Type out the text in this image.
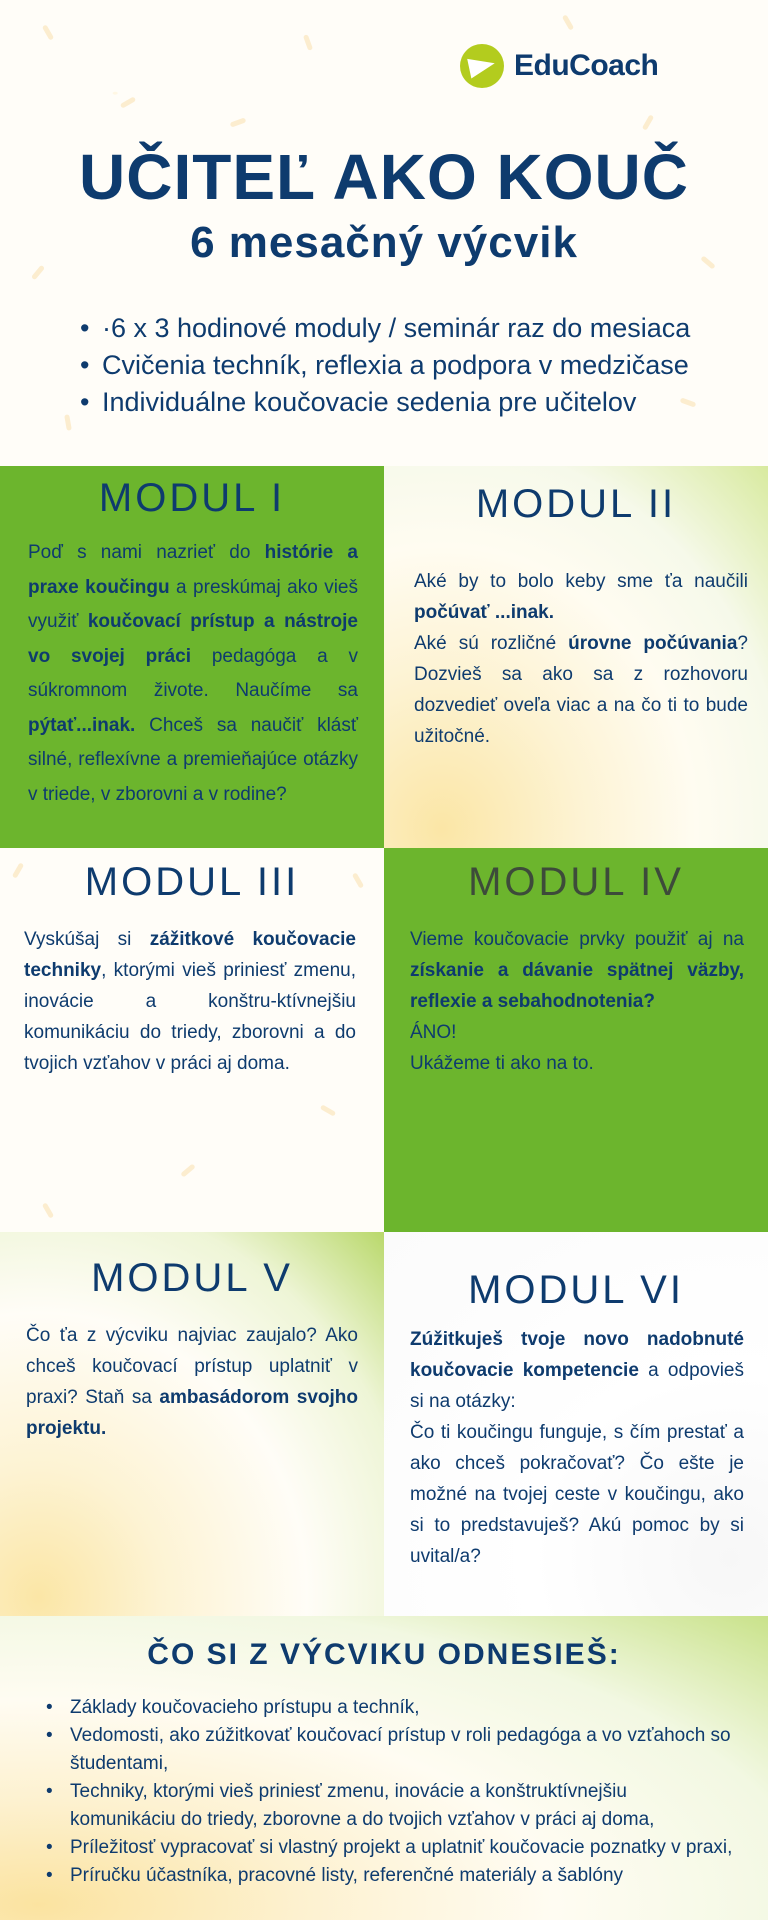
EduCoach
UČITEĽ AKO KOUČ
6 mesačný výcvik
• ·6 x 3 hodinové moduly / seminár raz do mesiaca
• Cvičenia techník, reflexia a podpora v medzičase
• Individuálne koučovacie sedenia pre učitelov
MODUL I
Poď s nami nazrieť do histórie a praxe koučingu a preskúmaj ako vieš využiť koučovací prístup a nástroje vo svojej práci pedagóga a v súkromnom živote. Naučíme sa pýtať...inak. Chceš sa naučiť klásť silné, reflexívne a premieňajúce otázky v triede, v zborovni a v rodine?
MODUL II
Aké by to bolo keby sme ťa naučili počúvať ...inak.
Aké sú rozličné úrovne počúvania? Dozvieš sa ako sa z rozhovoru dozvedieť oveľa viac a na čo ti to bude užitočné.
MODUL III
Vyskúšaj si zážitkové koučovacie techniky, ktorými vieš priniesť zmenu, inovácie a konštru-ktívnejšiu komunikáciu do triedy, zborovni a do tvojich vzťahov v práci aj doma.
MODUL IV
Vieme koučovacie prvky použiť aj na získanie a dávanie spätnej väzby, reflexie a sebahodnotenia?
ÁNO!
Ukážeme ti ako na to.
MODUL V
Čo ťa z výcviku najviac zaujalo? Ako chceš koučovací prístup uplatniť v praxi? Staň sa ambasádorom svojho projektu.
MODUL VI
Zúžitkuješ tvoje novo nadobnuté koučovacie kompetencie a odpovieš si na otázky:
Čo ti koučingu funguje, s čím prestať a ako chceš pokračovať? Čo ešte je možné na tvojej ceste v koučingu, ako si to predstavuješ? Akú pomoc by si uvital/a?
ČO SI Z VÝCVIKU ODNESIEŠ:
• Základy koučovacieho prístupu a techník,
• Vedomosti, ako zúžitkovať koučovací prístup v roli pedagóga a vo vzťahoch so študentami,
• Techniky, ktorými vieš priniesť zmenu, inovácie a konštruktívnejšiu komunikáciu do triedy, zborovne a do tvojich vzťahov v práci aj doma,
• Príležitosť vypracovať si vlastný projekt a uplatniť koučovacie poznatky v praxi,
• Príručku účastníka, pracovné listy, referenčné materiály a šablóny
